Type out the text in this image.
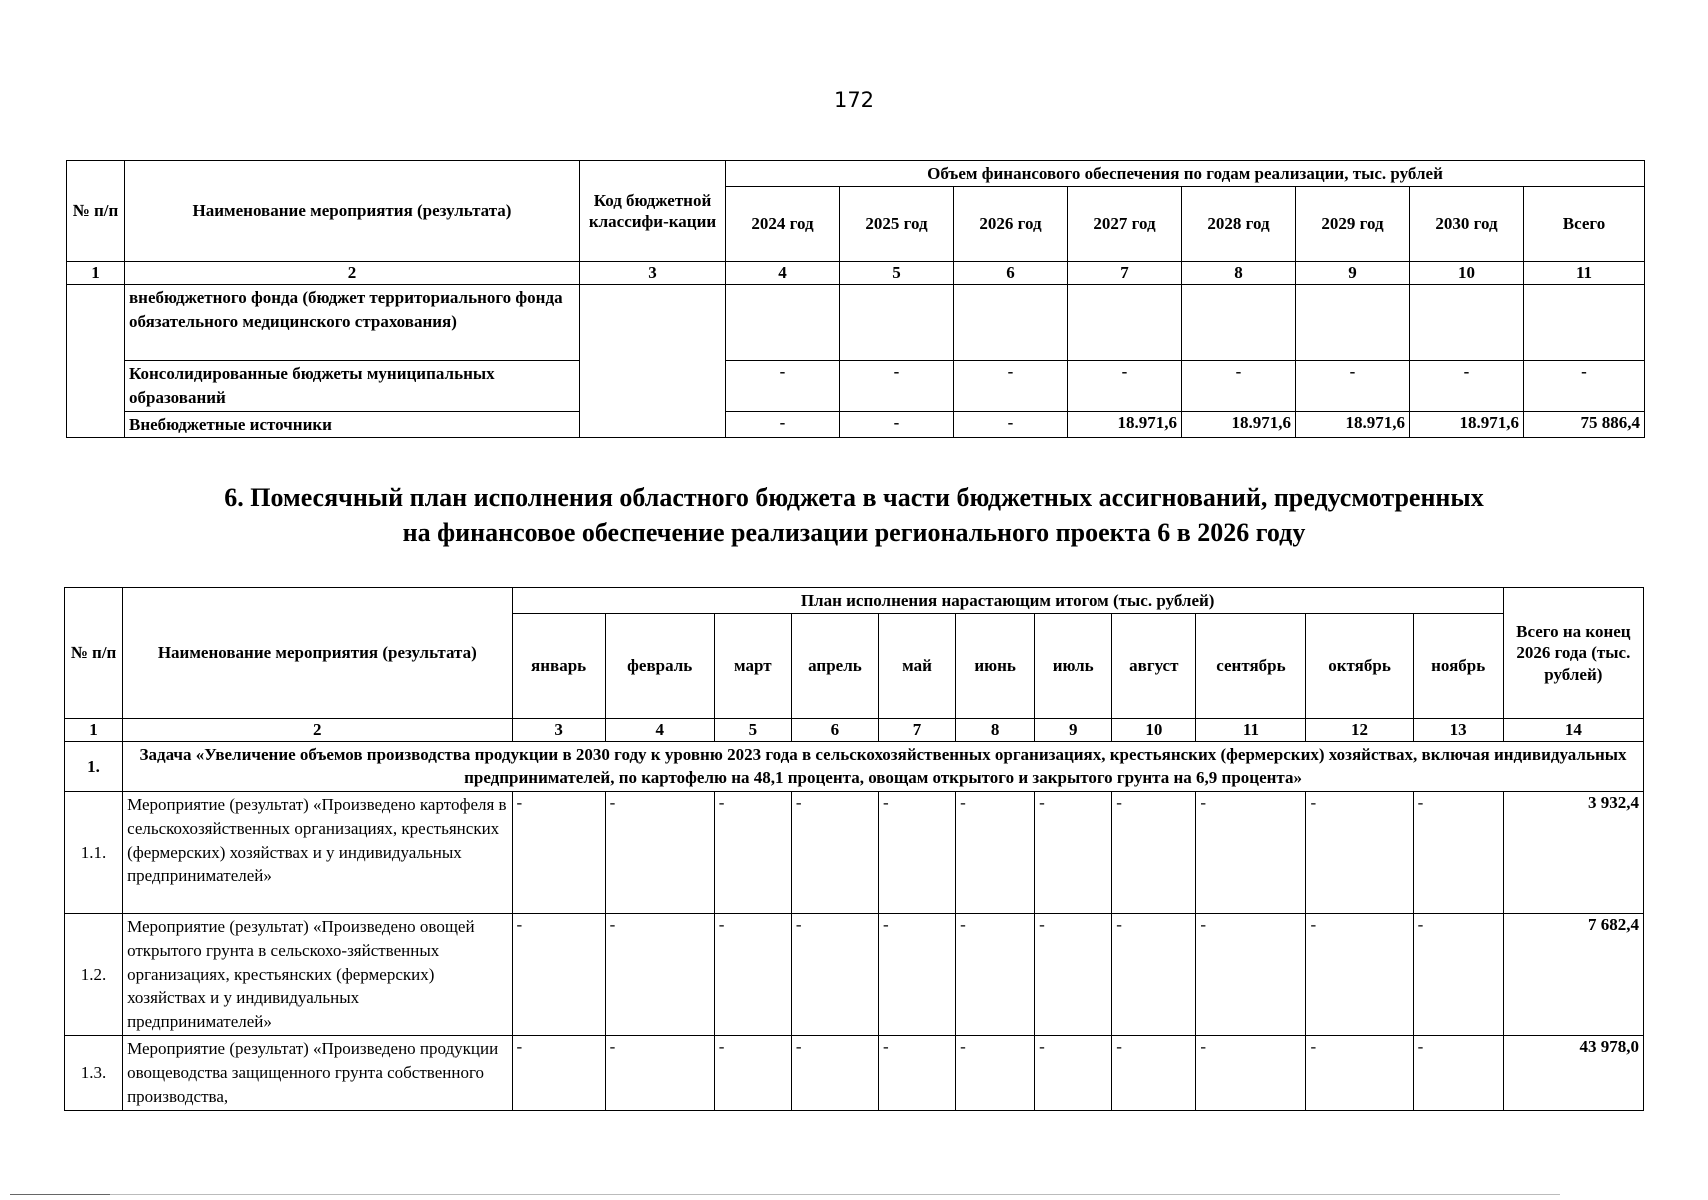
172
№ п/п	Наименование мероприятия (результата)	Код бюджетной классифи-кации	Объем финансового обеспечения по годам реализации, тыс. рублей							
			2024 год	2025 год	2026 год	2027 год	2028 год	2029 год	2030 год	Всего
1	2	3	4	5	6	7	8	9	10	11
	внебюджетного фонда (бюджет территориального фонда обязательного медицинского страхования)									
	Консолидированные бюджеты муниципальных образований		-	-	-	-	-	-	-	-
	Внебюджетные источники		-	-	-	18.971,6	18.971,6	18.971,6	18.971,6	75 886,4
6. Помесячный план исполнения областного бюджета в части бюджетных ассигнований, предусмотренных
на финансовое обеспечение реализации регионального проекта 6 в 2026 году
№ п/п	Наименование мероприятия (результата)	План исполнения нарастающим итогом (тыс. рублей)											Всего на конец 2026 года (тыс. рублей)
		январь	февраль	март	апрель	май	июнь	июль	август	сентябрь	октябрь	ноябрь	
1	2	3	4	5	6	7	8	9	10	11	12	13	14
1.	Задача «Увеличение объемов производства продукции в 2030 году к уровню 2023 года в сельскохозяйственных организациях, крестьянских (фермерских) хозяйствах, включая индивидуальных предпринимателей, по картофелю на 48,1 процента, овощам открытого и закрытого грунта на 6,9 процента»												
1.1.	Мероприятие (результат) «Произведено картофеля в сельскохозяйственных организациях, крестьянских (фермерских) хозяйствах и у индивидуальных предпринимателей»	-	-	-	-	-	-	-	-	-	-	-	3 932,4
1.2.	Мероприятие (результат) «Произведено овощей открытого грунта в сельскохо-зяйственных организациях, крестьянских (фермерских) хозяйствах и у индивидуальных предпринимателей»	-	-	-	-	-	-	-	-	-	-	-	7 682,4
1.3.	Мероприятие (результат) «Произведено продукции овощеводства защищенного грунта собственного производства,	-	-	-	-	-	-	-	-	-	-	-	43 978,0
